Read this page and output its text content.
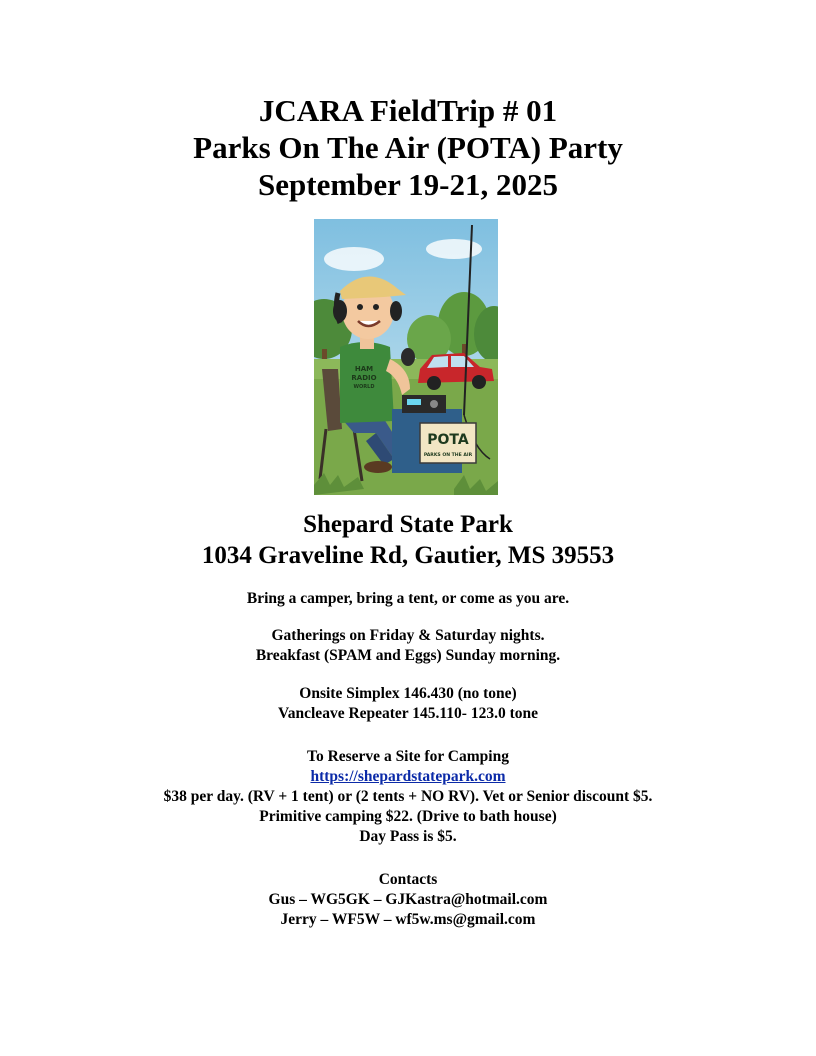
JCARA FieldTrip # 01
Parks On The Air (POTA) Party
September 19-21, 2025
HAM
RADIO
WORLD
POTA
PARKS ON THE AIR
Shepard State Park
1034 Graveline Rd, Gautier, MS 39553
Bring a camper, bring a tent, or come as you are.
Gatherings on Friday & Saturday nights.
Breakfast (SPAM and Eggs) Sunday morning.
Onsite Simplex 146.430 (no tone)
Vancleave Repeater 145.110- 123.0 tone
To Reserve a Site for Camping
https://shepardstatepark.com
$38 per day. (RV + 1 tent) or (2 tents + NO RV). Vet or Senior discount $5.
Primitive camping $22. (Drive to bath house)
Day Pass is $5.
Contacts
Gus – WG5GK – GJKastra@hotmail.com
Jerry – WF5W – wf5w.ms@gmail.com
